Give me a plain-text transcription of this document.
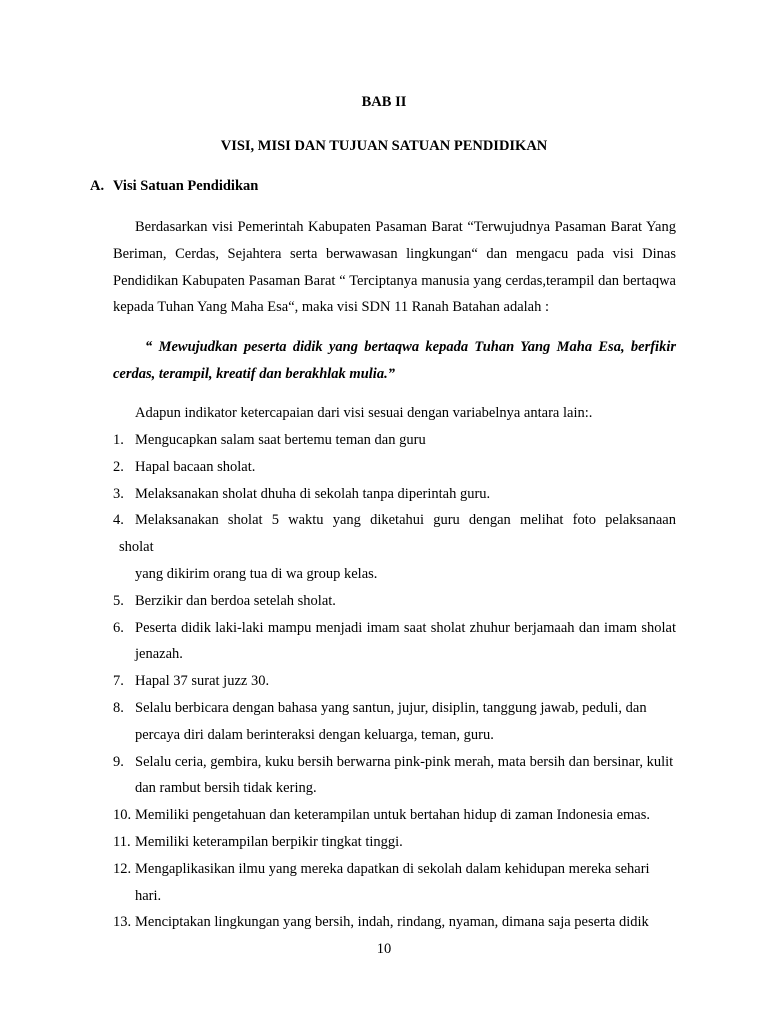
BAB II
VISI, MISI DAN TUJUAN SATUAN PENDIDIKAN
A. Visi Satuan Pendidikan
Berdasarkan visi Pemerintah Kabupaten Pasaman Barat “Terwujudnya Pasaman Barat Yang Beriman, Cerdas, Sejahtera serta berwawasan lingkungan“ dan mengacu pada visi Dinas Pendidikan Kabupaten Pasaman Barat “ Terciptanya manusia yang cerdas,terampil dan bertaqwa kepada Tuhan Yang Maha Esa“, maka visi SDN 11 Ranah Batahan adalah :
“ Mewujudkan peserta didik yang bertaqwa kepada Tuhan Yang Maha Esa, berfikir cerdas, terampil, kreatif dan berakhlak mulia.”
Adapun indikator ketercapaian dari visi sesuai dengan variabelnya antara lain:.
1. Mengucapkan salam saat bertemu teman dan guru
2. Hapal bacaan sholat.
3. Melaksanakan sholat dhuha di sekolah tanpa diperintah guru.
4. Melaksanakan sholat 5 waktu yang diketahui guru dengan melihat foto pelaksanaan
sholat
yang dikirim orang tua di wa group kelas.
5. Berzikir dan berdoa setelah sholat.
6. Peserta didik laki-laki mampu menjadi imam saat sholat zhuhur berjamaah dan imam sholat jenazah.
7. Hapal 37 surat juzz 30.
8. Selalu berbicara dengan bahasa yang santun, jujur, disiplin, tanggung jawab, peduli, dan percaya diri dalam berinteraksi dengan keluarga, teman, guru.
9. Selalu ceria, gembira, kuku bersih berwarna pink-pink merah, mata bersih dan bersinar, kulit dan rambut bersih tidak kering.
10. Memiliki pengetahuan dan keterampilan untuk bertahan hidup di zaman Indonesia emas.
11. Memiliki keterampilan berpikir tingkat tinggi.
12. Mengaplikasikan ilmu yang mereka dapatkan di sekolah dalam kehidupan mereka sehari hari.
13. Menciptakan lingkungan yang bersih, indah, rindang, nyaman, dimana saja peserta didik
10
